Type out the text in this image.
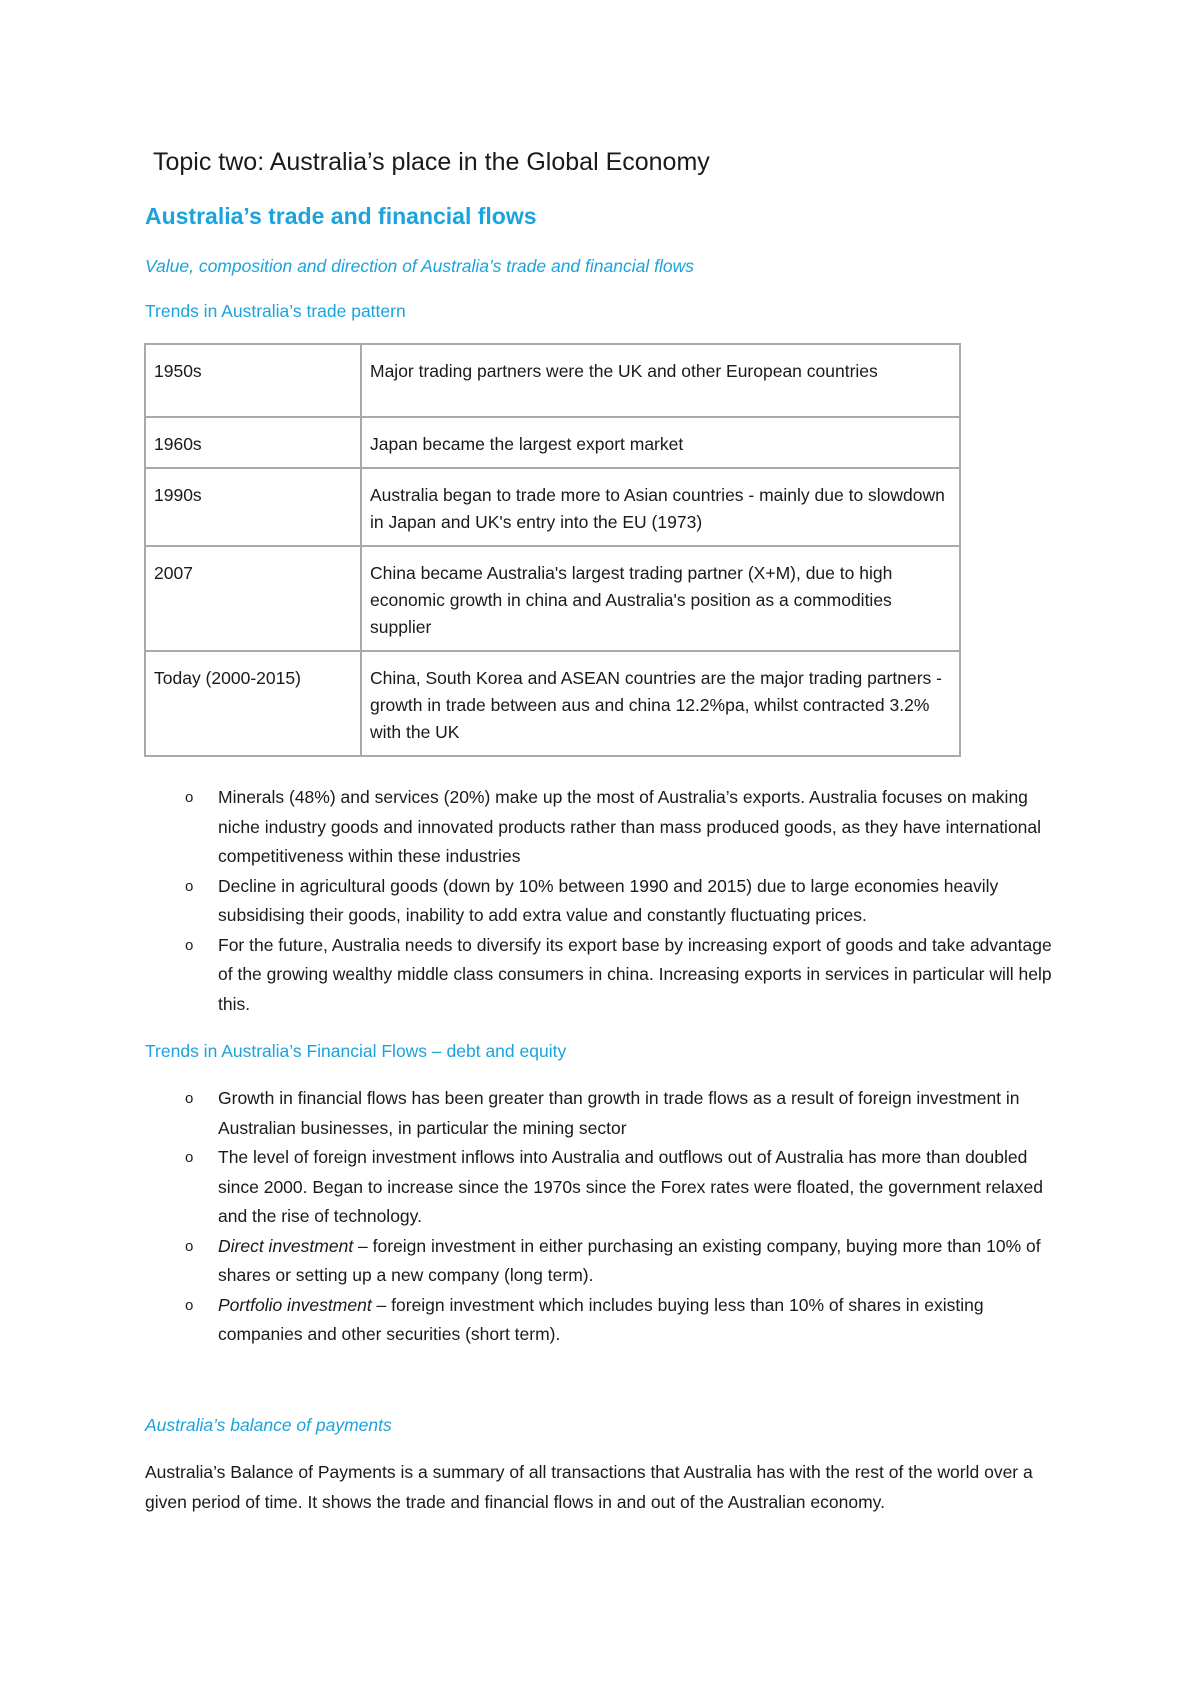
Topic two: Australia’s place in the Global Economy
Australia’s trade and financial flows
Value, composition and direction of Australia’s trade and financial flows
Trends in Australia’s trade pattern
1950s	Major trading partners were the UK and other European countries
1960s	Japan became the largest export market
1990s	Australia began to trade more to Asian countries - mainly due to slowdown in Japan and UK's entry into the EU (1973)
2007	China became Australia's largest trading partner (X+M), due to high economic growth in china and Australia's position as a commodities supplier
Today (2000-2015)	China, South Korea and ASEAN countries are the major trading partners - growth in trade between aus and china 12.2%pa, whilst contracted 3.2% with the UK
o Minerals (48%) and services (20%) make up the most of Australia’s exports. Australia focuses on making niche industry goods and innovated products rather than mass produced goods, as they have international competitiveness within these industries
o Decline in agricultural goods (down by 10% between 1990 and 2015) due to large economies heavily subsidising their goods, inability to add extra value and constantly fluctuating prices.
o For the future, Australia needs to diversify its export base by increasing export of goods and take advantage of the growing wealthy middle class consumers in china. Increasing exports in services in particular will help this.
Trends in Australia’s Financial Flows – debt and equity
o Growth in financial flows has been greater than growth in trade flows as a result of foreign investment in Australian businesses, in particular the mining sector
o The level of foreign investment inflows into Australia and outflows out of Australia has more than doubled since 2000. Began to increase since the 1970s since the Forex rates were floated, the government relaxed and the rise of technology.
o Direct investment – foreign investment in either purchasing an existing company, buying more than 10% of shares or setting up a new company (long term).
o Portfolio investment – foreign investment which includes buying less than 10% of shares in existing companies and other securities (short term).
Australia’s balance of payments

Australia’s Balance of Payments is a summary of all transactions that Australia has with the rest of the world over a given period of time. It shows the trade and financial flows in and out of the Australian economy.
